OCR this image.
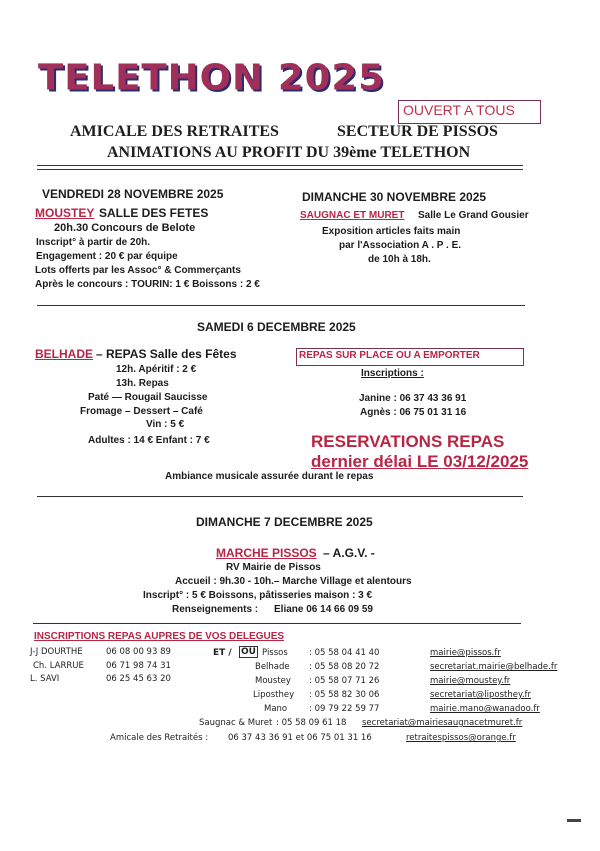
TELETHON 2025
OUVERT A TOUS
AMICALE DES RETRAITES	SECTEUR DE PISSOS
ANIMATIONS AU PROFIT DU 39ème TELETHON
VENDREDI 28 NOVEMBRE 2025
MOUSTEY SALLE DES FETES
20h.30 Concours de Belote
Inscript° à partir de 20h.
Engagement : 20 € par équipe
Lots offerts par les Assoc° & Commerçants
Après le concours : TOURIN: 1 € Boissons : 2 €
DIMANCHE 30 NOVEMBRE 2025
SAUGNAC ET MURET Salle Le Grand Gousier
Exposition articles faits main
par l'Association A . P . E.
de 10h à 18h.
SAMEDI 6 DECEMBRE 2025
BELHADE – REPAS Salle des Fêtes
12h. Apéritif : 2 €
13h. Repas
Paté — Rougail Saucisse
Fromage – Dessert – Café
Vin : 5 €
Adultes : 14 € Enfant : 7 €
REPAS SUR PLACE OU A EMPORTER
Inscriptions :
Janine : 06 37 43 36 91
Agnès : 06 75 01 31 16
RESERVATIONS REPAS
dernier délai LE 03/12/2025
Ambiance musicale assurée durant le repas
DIMANCHE 7 DECEMBRE 2025
MARCHE PISSOS – A.G.V. -
RV Mairie de Pissos
Accueil : 9h.30 - 10h.– Marche Village et alentours
Inscript° : 5 € Boissons, pâtisseries maison : 3 €
Renseignements : Eliane 06 14 66 09 59
INSCRIPTIONS REPAS AUPRES DE VOS DELEGUES
J-J DOURTHE	06 08 00 93 89
Ch. LARRUE	06 71 98 74 31
L. SAVI	06 25 45 63 20
ET / OU Pissos : 05 58 04 41 40	mairie@pissos.fr
Belhade : 05 58 08 20 72	secretariat.mairie@belhade.fr
Moustey : 05 58 07 71 26	mairie@moustey.fr
Liposthey : 05 58 82 30 06	secretariat@liposthey.fr
Mano	: 09 79 22 59 77	mairie.mano@wanadoo.fr
Saugnac & Muret : 05 58 09 61 18 secretariat@mairiesaugnacetmuret.fr
Amicale des Retraités : 06 37 43 36 91 et 06 75 01 31 16	retraitespissos@orange.fr
